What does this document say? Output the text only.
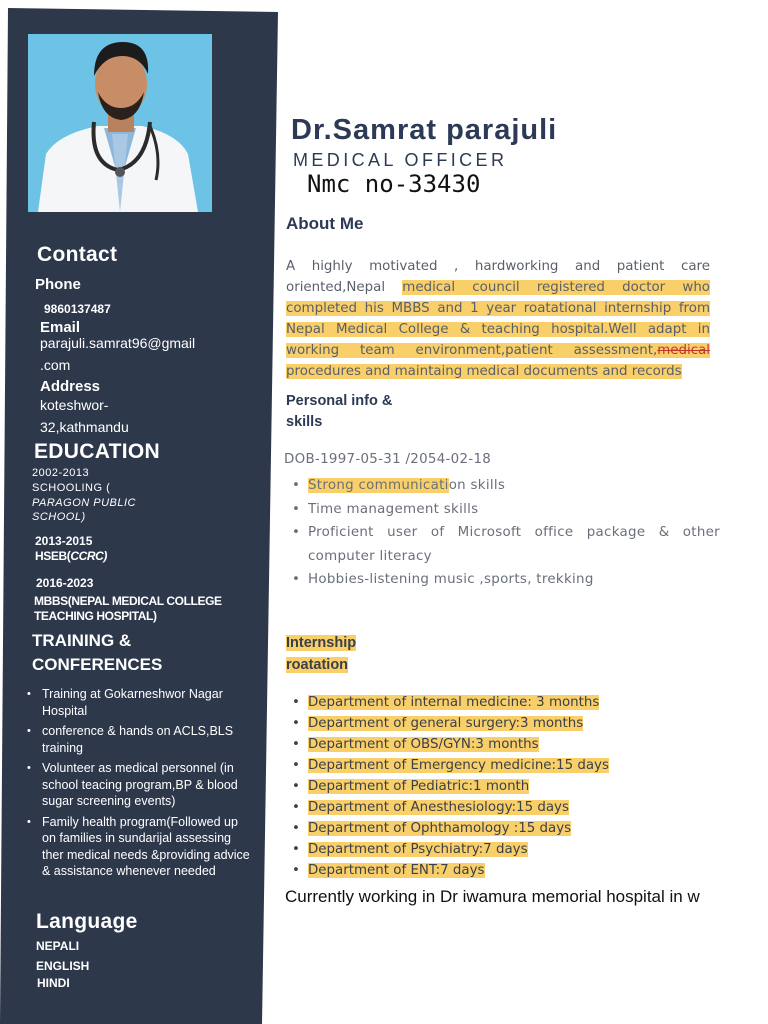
Contact
Phone
9860137487
Email
parajuli.samrat96@gmail
.com
Address
koteshwor-
32,kathmandu
EDUCATION
2002-2013
SCHOOLING (
PARAGON PUBLIC
SCHOOL)
2013-2015
HSEB(CCRC)
2016-2023
MBBS(NEPAL MEDICAL COLLEGE
TEACHING HOSPITAL)
TRAINING &
CONFERENCES
• Training at Gokarneshwor Nagar Hospital
• conference & hands on ACLS,BLS training
• Volunteer as medical personnel (in school teacing program,BP & blood sugar screening events)
• Family health program(Followed up on families in sundarijal assessing ther medical needs &providing advice & assistance whenever needed
Language
NEPALI
ENGLISH
HINDI
Dr.Samrat parajuli
MEDICAL OFFICER
Nmc no-33430
About Me
A highly motivated , hardworking and patient care oriented,Nepal medical council registered doctor who completed his MBBS and 1 year roatational internship from Nepal Medical College & teaching hospital.Well adapt in working team environment,patient assessment,medical procedures and maintaing medical documents and records
Personal info &
skills
DOB-1997-05-31 /2054-02-18
• Strong communication skills
• Time management skills
• Proficient user of Microsoft office package & other computer literacy
• Hobbies-listening music ,sports, trekking
Internship
roatation
• Department of internal medicine: 3 months
• Department of general surgery:3 months
• Department of OBS/GYN:3 months
• Department of Emergency medicine:15 days
• Department of Pediatric:1 month
• Department of Anesthesiology:15 days
• Department of Ophthamology :15 days
• Department of Psychiatry:7 days
• Department of ENT:7 days
Currently working in Dr iwamura memorial hospital in w
